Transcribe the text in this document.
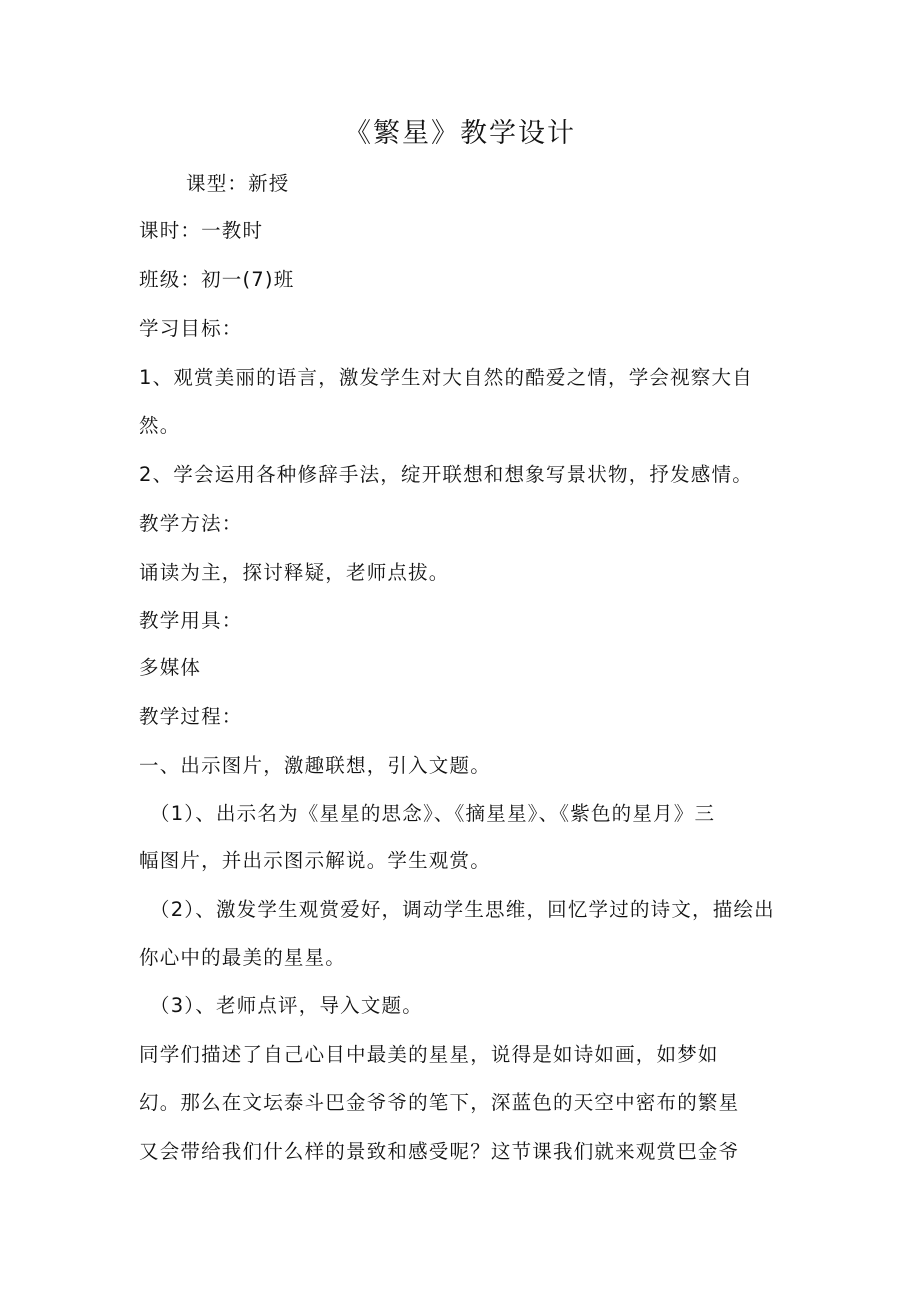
《繁星》教学设计
课型：新授
课时：一教时
班级：初一(7)班
学习目标：
1、观赏美丽的语言，激发学生对大自然的酷爱之情，学会视察大自
然。
2、学会运用各种修辞手法，绽开联想和想象写景状物，抒发感情。
教学方法：
诵读为主，探讨释疑，老师点拔。
教学用具：
多媒体
教学过程：
一、出示图片，激趣联想，引入文题。
（1）、出示名为《星星的思念》、《摘星星》、《紫色的星月》三
幅图片，并出示图示解说。学生观赏。
（2）、激发学生观赏爱好，调动学生思维，回忆学过的诗文，描绘出
你心中的最美的星星。
（3）、老师点评，导入文题。
同学们描述了自己心目中最美的星星，说得是如诗如画，如梦如
幻。那么在文坛泰斗巴金爷爷的笔下，深蓝色的天空中密布的繁星
又会带给我们什么样的景致和感受呢？这节课我们就来观赏巴金爷
